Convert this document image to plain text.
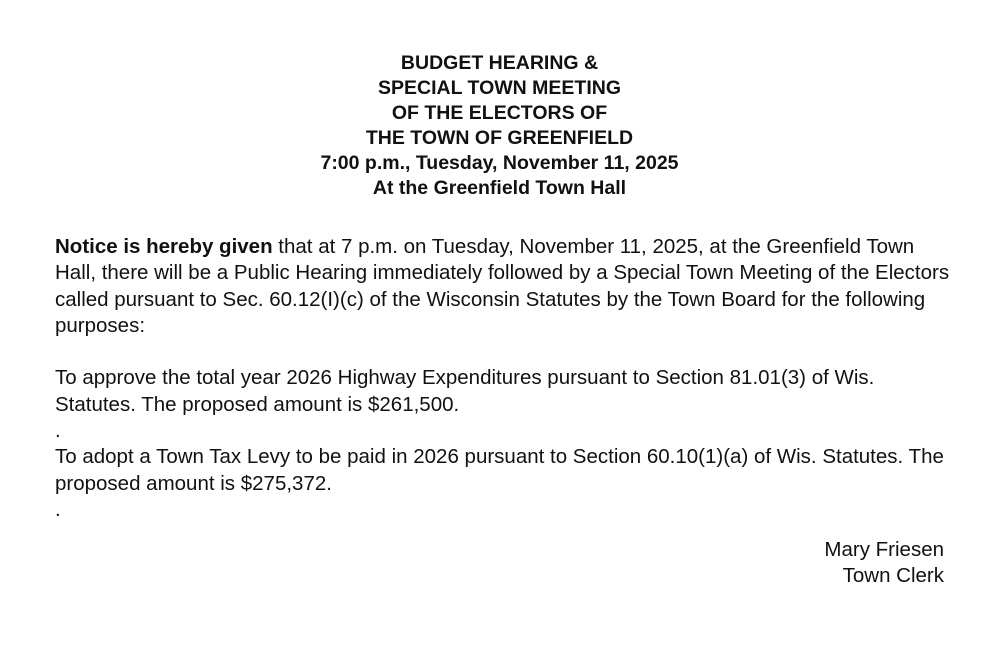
BUDGET HEARING &
SPECIAL TOWN MEETING
OF THE ELECTORS OF
THE TOWN OF GREENFIELD
7:00 p.m., Tuesday, November 11, 2025
At the Greenfield Town Hall

Notice is hereby given that at 7 p.m. on Tuesday, November 11, 2025, at the Greenfield Town Hall, there will be a Public Hearing immediately followed by a Special Town Meeting of the Electors called pursuant to Sec. 60.12(I)(c) of the Wisconsin Statutes by the Town Board for the following purposes:

To approve the total year 2026 Highway Expenditures pursuant to Section 81.01(3) of Wis. Statutes. The proposed amount is $261,500.

.

To adopt a Town Tax Levy to be paid in 2026 pursuant to Section 60.10(1)(a) of Wis. Statutes. The proposed amount is $275,372.

.
Mary Friesen
Town Clerk
